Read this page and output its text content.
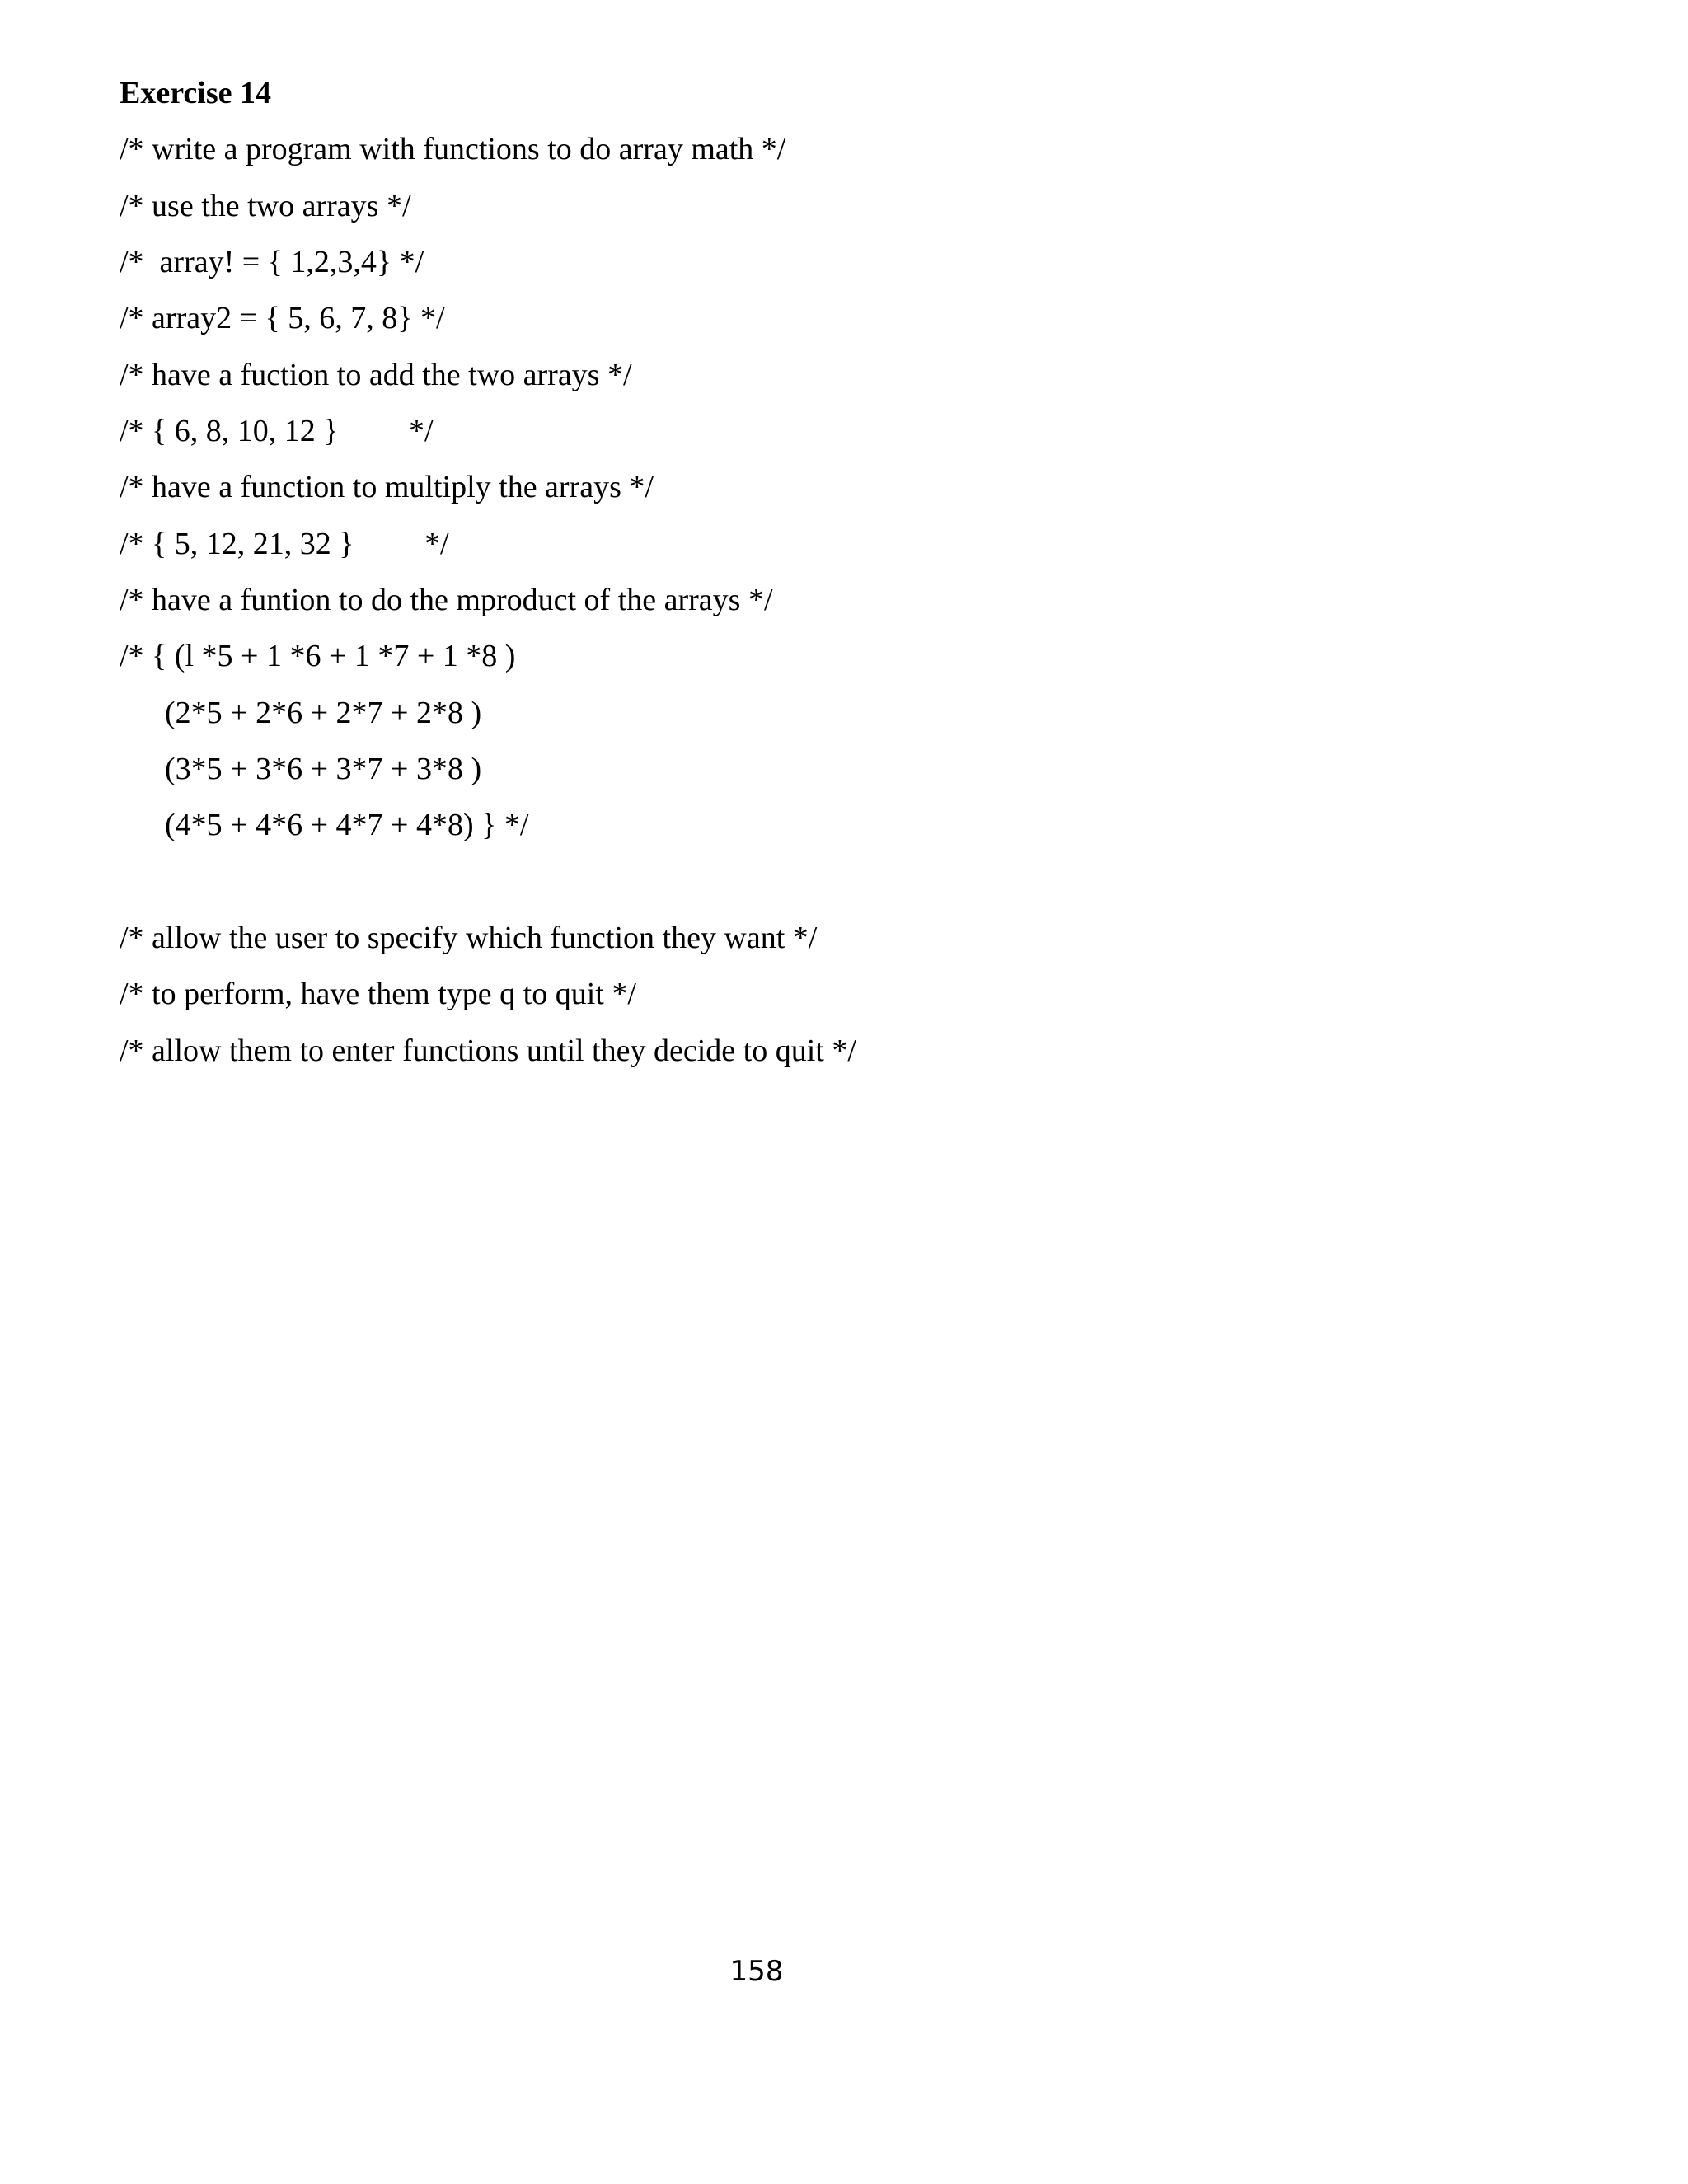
Exercise 14
/* write a program with functions to do array math */
/* use the two arrays */
/*  array! = { 1,2,3,4} */
/* array2 = { 5, 6, 7, 8} */
/* have a fuction to add the two arrays */
/* { 6, 8, 10, 12 }         */
/* have a function to multiply the arrays */
/* { 5, 12, 21, 32 }         */
/* have a funtion to do the mproduct of the arrays */
/* { (l *5 + 1 *6 + 1 *7 + 1 *8 )
(2*5 + 2*6 + 2*7 + 2*8 )
(3*5 + 3*6 + 3*7 + 3*8 )
(4*5 + 4*6 + 4*7 + 4*8) } */
/* allow the user to specify which function they want */
/* to perform, have them type q to quit */
/* allow them to enter functions until they decide to quit */
158
